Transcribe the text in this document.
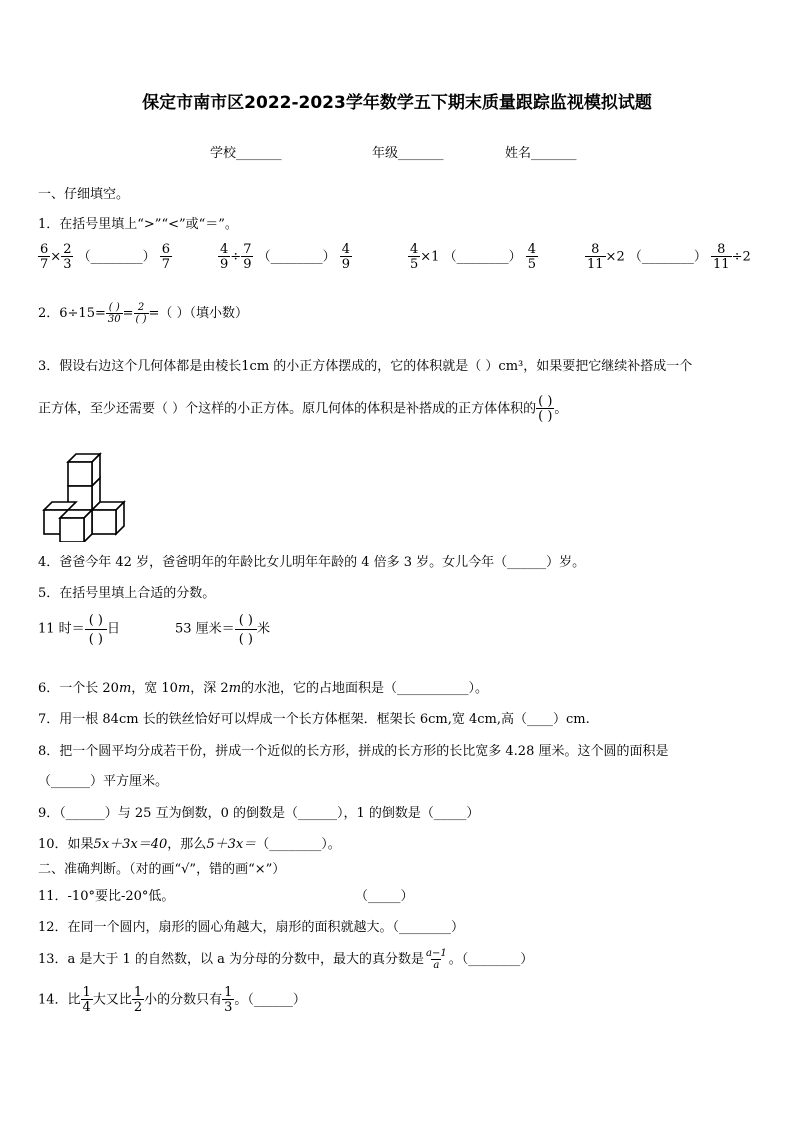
保定市南市区2022-2023学年数学五下期末质量跟踪监视模拟试题
学校_______	年级_______	姓名_______
一、仔细填空。
1．在括号里填上“>”“<”或“＝”。
$\frac{6}{7} \times \frac{2}{3}$ （________） $\frac{6}{7}$	$\frac{4}{9} \div \frac{7}{9}$ （________） $\frac{4}{9}$	$\frac{4}{5} \times 1$ （________） $\frac{4}{5}$	$\frac{8}{11} \times 2$ （________） $\frac{8}{11} \div 2$
2．$6\div 15= \frac{( )}{30} = \frac{2}{( )}$ =（ ）（填小数）
3．假设右边这个几何体都是由棱长1cm 的小正方体摆成的，它的体积就是（ ）cm³，如果要把它继续补搭成一个
正方体，至少还需要（ ）个这样的小正方体。原几何体的体积是补搭成的正方体体积的 $\frac{( )}{( )}$ 。
4．爸爸今年 42 岁，爸爸明年的年龄比女儿明年年龄的 4 倍多 3 岁。女儿今年（______）岁。
5．在括号里填上合适的分数。
11 时＝ $\frac{( )}{( )}$ 日	53 厘米＝ $\frac{( )}{( )}$ 米
6．一个长 20m，宽 10m，深 2m的水池，它的占地面积是（___________）。
7．用一根 84cm 长的铁丝恰好可以焊成一个长方体框架．框架长 6cm,宽 4cm,高（____）cm.
8．把一个圆平均分成若干份，拼成一个近似的长方形，拼成的长方形的长比宽多 4.28 厘米。这个圆的面积是
（______）平方厘米。
9．（______）与 25 互为倒数，0 的倒数是（______），1 的倒数是（_____）
10．如果5x＋3x＝40，那么5＋3x＝（________）。
二、准确判断。（对的画“√”，错的画“×”）
11．-10°要比-20°低。	（_____）
12．在同一个圆内，扇形的圆心角越大，扇形的面积就越大。（________）
13．a 是大于 1 的自然数，以 a 为分母的分数中，最大的真分数是 $\frac{a-1}{a}$ 。（________）
14．比 $\frac{1}{4}$ 大又比 $\frac{1}{2}$ 小的分数只有 $\frac{1}{3}$ 。（______）
